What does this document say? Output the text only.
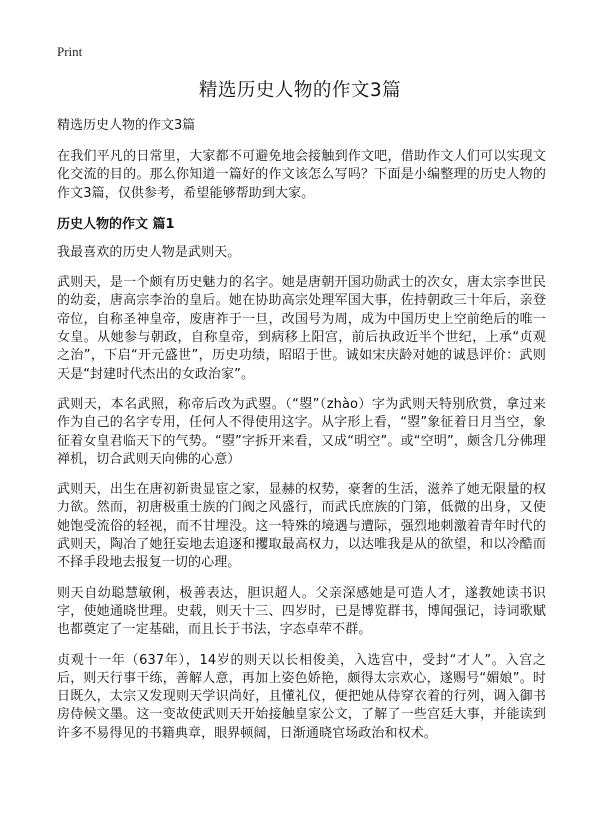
Print
精选历史人物的作文3篇

精选历史人物的作文3篇

在我们平凡的日常里，大家都不可避免地会接触到作文吧，借助作文人们可以实现文化交流的目的。那么你知道一篇好的作文该怎么写吗？下面是小编整理的历史人物的作文3篇，仅供参考，希望能够帮助到大家。

历史人物的作文 篇1

我最喜欢的历史人物是武则天。

武则天，是一个颇有历史魅力的名字。她是唐朝开国功勋武士的次女，唐太宗李世民的幼妾，唐高宗李治的皇后。她在协助高宗处理军国大事，佐持朝政三十年后，亲登帝位，自称圣神皇帝，废唐祚于一旦，改国号为周，成为中国历史上空前绝后的唯一女皇。从她参与朝政，自称皇帝，到病移上阳宫，前后执政近半个世纪，上承“贞观之治”，下启“开元盛世”，历史功绩，昭昭于世。诚如宋庆龄对她的诚恳评价：武则天是“封建时代杰出的女政治家”。

武则天，本名武照，称帝后改为武曌。（“曌”（zhào）字为武则天特别欣赏，拿过来作为自己的名字专用，任何人不得使用这字。从字形上看，“曌”象征着日月当空，象征着女皇君临天下的气势。“曌”字拆开来看，又成“明空”。或“空明”，颇含几分佛理禅机，切合武则天向佛的心意）

武则天，出生在唐初新贵显宦之家，显赫的权势，豪奢的生活，滋养了她无限量的权力欲。然而，初唐极重士族的门阀之风盛行，而武氏庶族的门第，低微的出身，又使她饱受流俗的轻视，而不甘埋没。这一特殊的境遇与遭际，强烈地刺激着青年时代的武则天，陶冶了她狂妄地去追逐和攫取最高权力，以达唯我是从的欲望，和以冷酷而不择手段地去报复一切的心理。

则天自幼聪慧敏俐，极善表达，胆识超人。父亲深感她是可造人才，遂教她读书识字，使她通晓世理。史载，则天十三、四岁时，已是博览群书，博闻强记，诗词歌赋也都奠定了一定基础，而且长于书法，字态卓荦不群。

贞观十一年（637年），14岁的则天以长相俊美，入选宫中，受封“才人”。入宫之后，则天行事干练，善解人意，再加上姿色娇艳，颇得太宗欢心，遂赐号“媚娘”。时日既久，太宗又发现则天学识尚好，且懂礼仪，便把她从侍穿衣着的行列，调入御书房侍候文墨。这一变故使武则天开始接触皇家公文，了解了一些宫廷大事，并能读到许多不易得见的书籍典章，眼界顿阔，日渐通晓官场政治和权术。
